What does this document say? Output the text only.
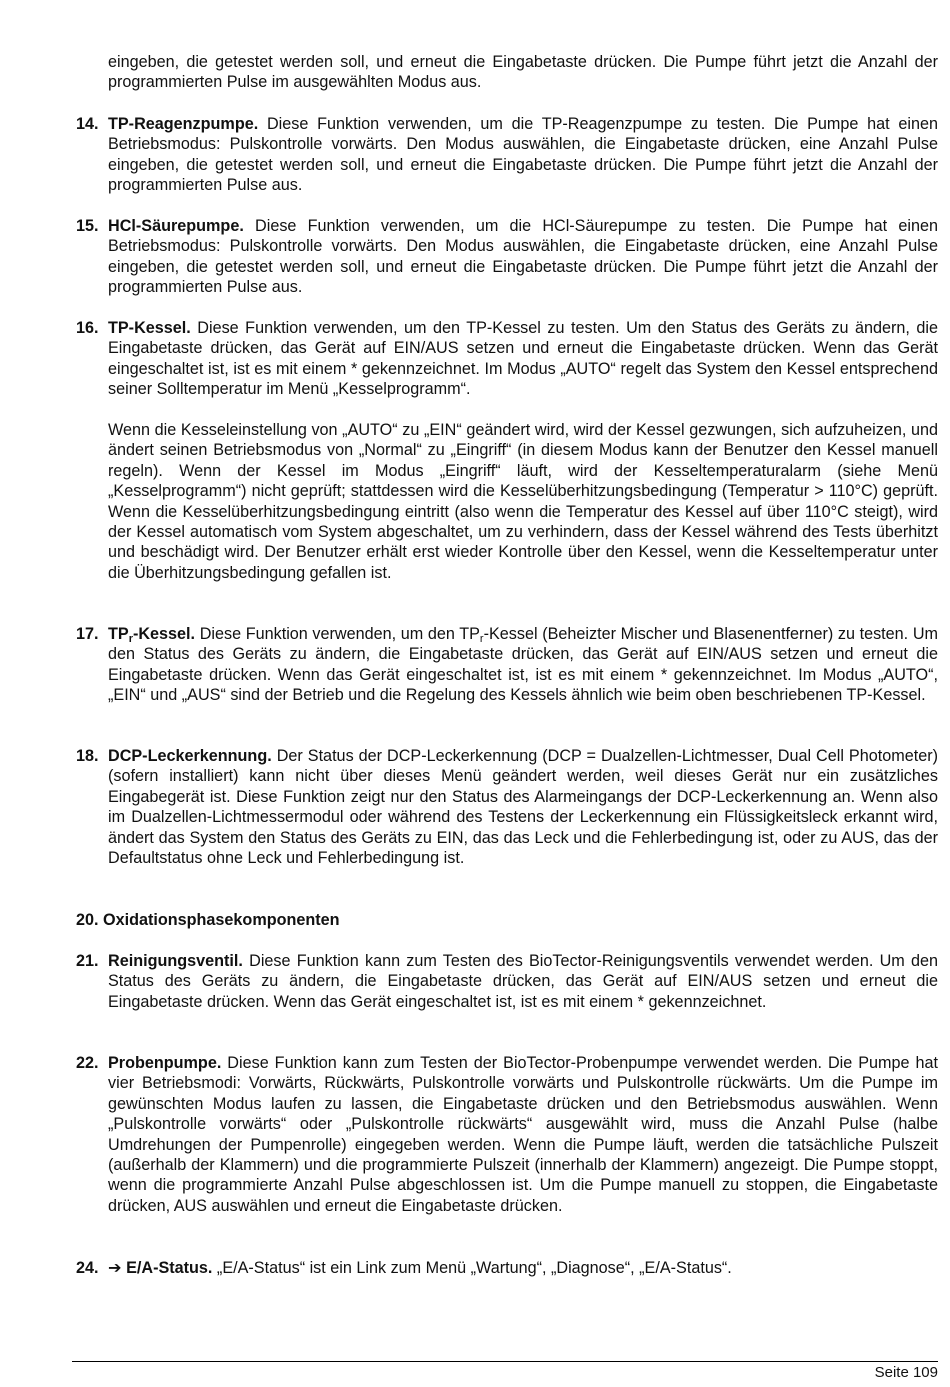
eingeben, die getestet werden soll, und erneut die Eingabetaste drücken. Die Pumpe führt jetzt die Anzahl der programmierten Pulse im ausgewählten Modus aus.

14. TP-Reagenzpumpe. Diese Funktion verwenden, um die TP-Reagenzpumpe zu testen. Die Pumpe hat einen Betriebsmodus: Pulskontrolle vorwärts. Den Modus auswählen, die Eingabetaste drücken, eine Anzahl Pulse eingeben, die getestet werden soll, und erneut die Eingabetaste drücken. Die Pumpe führt jetzt die Anzahl der programmierten Pulse aus.

15. HCl-Säurepumpe. Diese Funktion verwenden, um die HCl-Säurepumpe zu testen. Die Pumpe hat einen Betriebsmodus: Pulskontrolle vorwärts. Den Modus auswählen, die Eingabetaste drücken, eine Anzahl Pulse eingeben, die getestet werden soll, und erneut die Eingabetaste drücken. Die Pumpe führt jetzt die Anzahl der programmierten Pulse aus.

16. TP-Kessel. Diese Funktion verwenden, um den TP-Kessel zu testen. Um den Status des Geräts zu ändern, die Eingabetaste drücken, das Gerät auf EIN/AUS setzen und erneut die Eingabetaste drücken. Wenn das Gerät eingeschaltet ist, ist es mit einem * gekennzeichnet. Im Modus „AUTO“ regelt das System den Kessel entsprechend seiner Solltemperatur im Menü „Kesselprogramm“.

Wenn die Kesseleinstellung von „AUTO“ zu „EIN“ geändert wird, wird der Kessel gezwungen, sich aufzuheizen, und ändert seinen Betriebsmodus von „Normal“ zu „Eingriff“ (in diesem Modus kann der Benutzer den Kessel manuell regeln). Wenn der Kessel im Modus „Eingriff“ läuft, wird der Kesseltemperaturalarm (siehe Menü „Kesselprogramm“) nicht geprüft; stattdessen wird die Kesselüberhitzungsbedingung (Temperatur > 110°C) geprüft. Wenn die Kesselüberhitzungsbedingung eintritt (also wenn die Temperatur des Kessel auf über 110°C steigt), wird der Kessel automatisch vom System abgeschaltet, um zu verhindern, dass der Kessel während des Tests überhitzt und beschädigt wird. Der Benutzer erhält erst wieder Kontrolle über den Kessel, wenn die Kesseltemperatur unter die Überhitzungsbedingung gefallen ist.

17. $TP_r$-Kessel. Diese Funktion verwenden, um den $TP_r$-Kessel (Beheizter Mischer und Blasenentferner) zu testen. Um den Status des Geräts zu ändern, die Eingabetaste drücken, das Gerät auf EIN/AUS setzen und erneut die Eingabetaste drücken. Wenn das Gerät eingeschaltet ist, ist es mit einem * gekennzeichnet. Im Modus „AUTO“, „EIN“ und „AUS“ sind der Betrieb und die Regelung des Kessels ähnlich wie beim oben beschriebenen TP-Kessel.

18. DCP-Leckerkennung. Der Status der DCP-Leckerkennung (DCP = Dualzellen-Lichtmesser, Dual Cell Photometer) (sofern installiert) kann nicht über dieses Menü geändert werden, weil dieses Gerät nur ein zusätzliches Eingabegerät ist. Diese Funktion zeigt nur den Status des Alarmeingangs der DCP-Leckerkennung an. Wenn also im Dualzellen-Lichtmessermodul oder während des Testens der Leckerkennung ein Flüssigkeitsleck erkannt wird, ändert das System den Status des Geräts zu EIN, das das Leck und die Fehlerbedingung ist, oder zu AUS, das der Defaultstatus ohne Leck und Fehlerbedingung ist.

20. Oxidationsphasekomponenten

21. Reinigungsventil. Diese Funktion kann zum Testen des BioTector-Reinigungsventils verwendet werden. Um den Status des Geräts zu ändern, die Eingabetaste drücken, das Gerät auf EIN/AUS setzen und erneut die Eingabetaste drücken. Wenn das Gerät eingeschaltet ist, ist es mit einem * gekennzeichnet.

22. Probenpumpe. Diese Funktion kann zum Testen der BioTector-Probenpumpe verwendet werden. Die Pumpe hat vier Betriebsmodi: Vorwärts, Rückwärts, Pulskontrolle vorwärts und Pulskontrolle rückwärts. Um die Pumpe im gewünschten Modus laufen zu lassen, die Eingabetaste drücken und den Betriebsmodus auswählen. Wenn „Pulskontrolle vorwärts“ oder „Pulskontrolle rückwärts“ ausgewählt wird, muss die Anzahl Pulse (halbe Umdrehungen der Pumpenrolle) eingegeben werden. Wenn die Pumpe läuft, werden die tatsächliche Pulszeit (außerhalb der Klammern) und die programmierte Pulszeit (innerhalb der Klammern) angezeigt. Die Pumpe stoppt, wenn die programmierte Anzahl Pulse abgeschlossen ist. Um die Pumpe manuell zu stoppen, die Eingabetaste drücken, AUS auswählen und erneut die Eingabetaste drücken.

24. ➔ E/A-Status. „E/A-Status“ ist ein Link zum Menü „Wartung“, „Diagnose“, „E/A-Status“.

Seite 109
